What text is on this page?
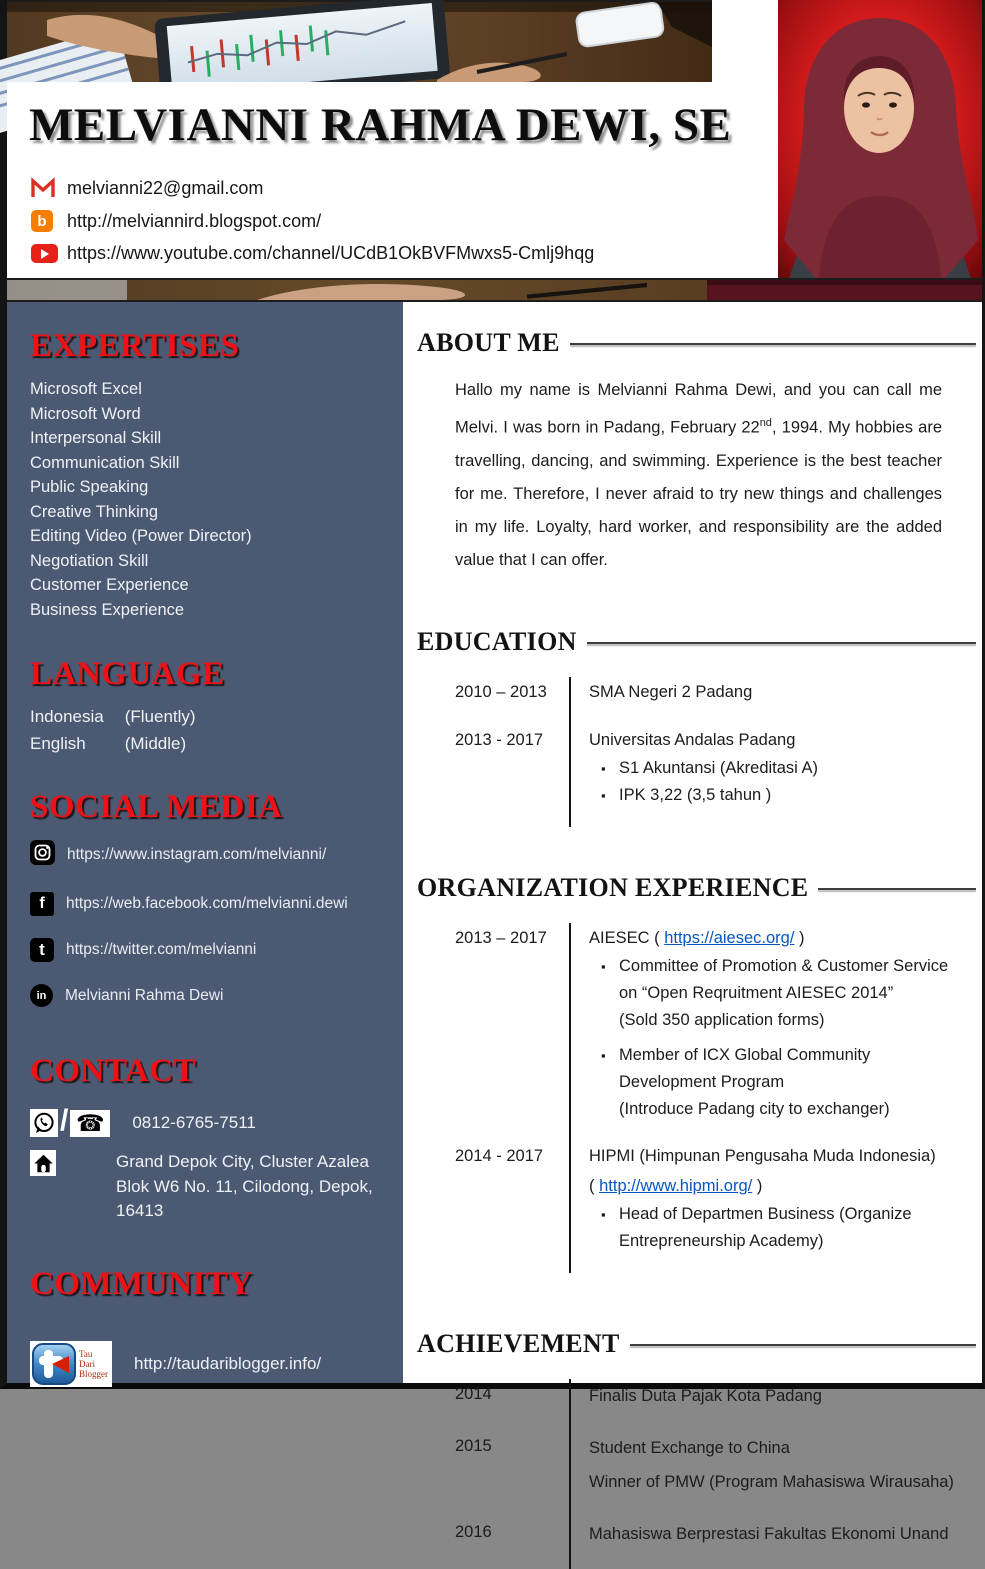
MELVIANNI RAHMA DEWI, SE
melvianni22@gmail.com
b	http://melviannird.blogspot.com/
https://www.youtube.com/channel/UCdB1OkBVFMwxs5-Cmlj9hqg
EXPERTISES
Microsoft Excel
Microsoft Word
Interpersonal Skill
Communication Skill
Public Speaking
Creative Thinking
Editing Video (Power Director)
Negotiation Skill
Customer Experience
Business Experience
LANGUAGE
Indonesia (Fluently)
English (Middle)
SOCIAL MEDIA
https://www.instagram.com/melvianni/
f	https://web.facebook.com/melvianni.dewi
t	https://twitter.com/melvianni
in	Melvianni Rahma Dewi
CONTACT
/ ☎	0812-6765-7511
Grand Depok City, Cluster Azalea
Blok W6 No. 11, Cilodong, Depok,
16413
COMMUNITY
Tau
Dari
Blogger
http://taudariblogger.info/
ABOUT ME

Hallo my name is Melvianni Rahma Dewi, and you can call me Melvi. I was born in Padang, February 22nd, 1994. My hobbies are travelling, dancing, and swimming. Experience is the best teacher for me. Therefore, I never afraid to try new things and challenges in my life. Loyalty, hard worker, and responsibility are the added value that I can offer.

EDUCATION
2010 – 2013	SMA Negeri 2 Padang
2013 - 2017	Universitas Andalas Padang
▪ S1 Akuntansi (Akreditasi A)
▪ IPK 3,22 (3,5 tahun )
ORGANIZATION EXPERIENCE
2013 – 2017	AIESEC ( https://aiesec.org/ )
▪ Committee of Promotion & Customer Service
on “Open Reqruitment AIESEC 2014”
(Sold 350 application forms)
▪ Member of ICX Global Community
Development Program
(Introduce Padang city to exchanger)
2014 - 2017	HIPMI (Himpunan Pengusaha Muda Indonesia)
( http://www.hipmi.org/ )
▪ Head of Departmen Business (Organize
Entrepreneurship Academy)
ACHIEVEMENT
2014	Finalis Duta Pajak Kota Padang
2015	Student Exchange to China
Winner of PMW (Program Mahasiswa Wirausaha)
2016	Mahasiswa Berprestasi Fakultas Ekonomi Unand
